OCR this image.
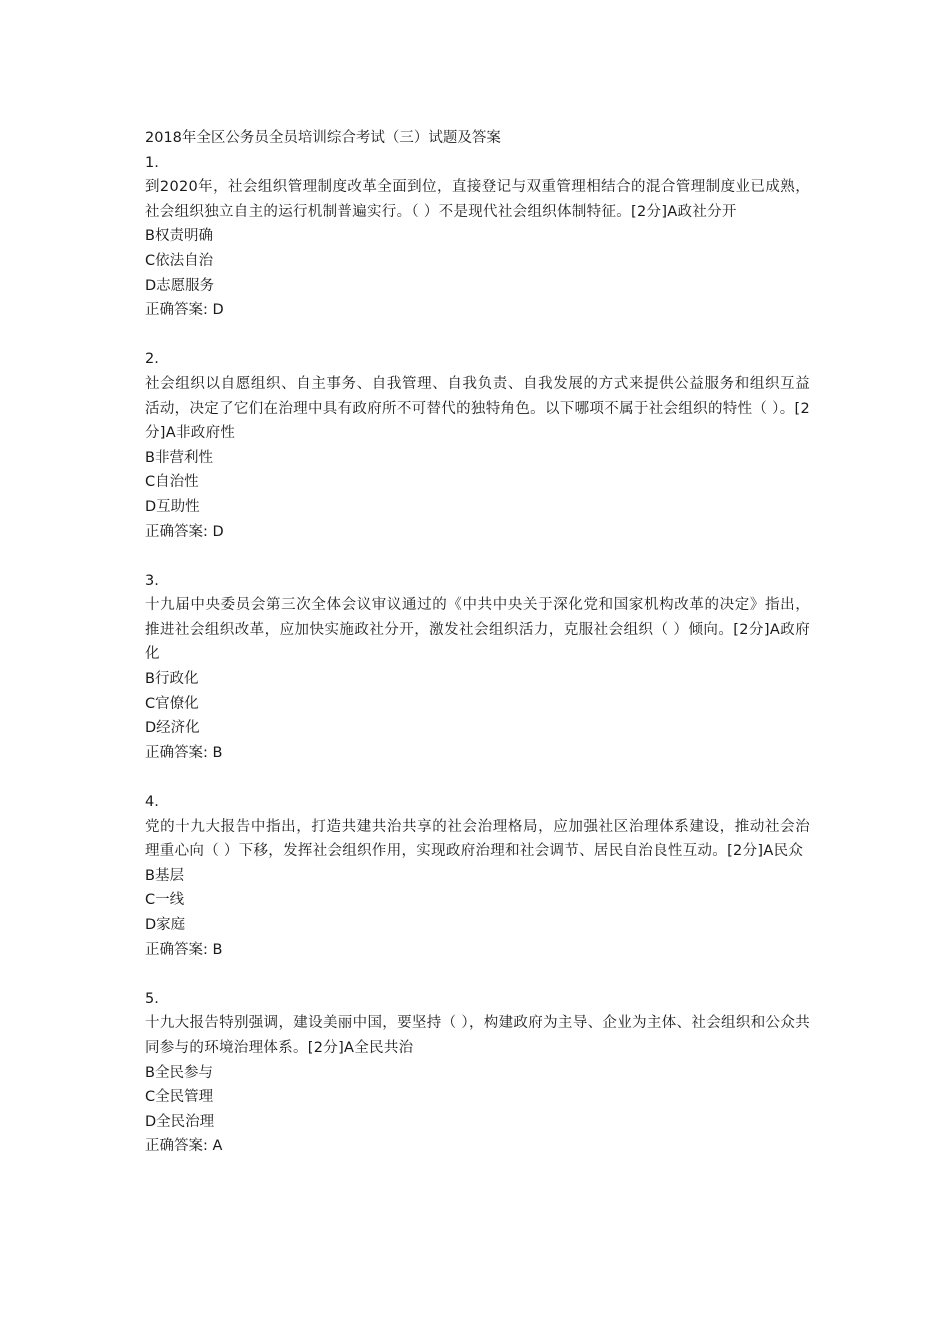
2018年全区公务员全员培训综合考试（三）试题及答案

1.

到2020年，社会组织管理制度改革全面到位，直接登记与双重管理相结合的混合管理制度业已成熟，社会组织独立自主的运行机制普遍实行。（ ）不是现代社会组织体制特征。[2分]A政社分开

B权责明确

C依法自治

D志愿服务

正确答案: D

2.

社会组织以自愿组织、自主事务、自我管理、自我负责、自我发展的方式来提供公益服务和组织互益活动，决定了它们在治理中具有政府所不可替代的独特角色。以下哪项不属于社会组织的特性（ ）。[2分]A非政府性

B非营利性

C自治性

D互助性

正确答案: D

3.

十九届中央委员会第三次全体会议审议通过的《中共中央关于深化党和国家机构改革的决定》指出，推进社会组织改革，应加快实施政社分开，激发社会组织活力，克服社会组织（ ）倾向。[2分]A政府化

B行政化

C官僚化

D经济化

正确答案: B

4.

党的十九大报告中指出，打造共建共治共享的社会治理格局，应加强社区治理体系建设，推动社会治理重心向（ ）下移，发挥社会组织作用，实现政府治理和社会调节、居民自治良性互动。[2分]A民众

B基层

C一线

D家庭

正确答案: B

5.

十九大报告特别强调，建设美丽中国，要坚持（ ），构建政府为主导、企业为主体、社会组织和公众共同参与的环境治理体系。[2分]A全民共治

B全民参与

C全民管理

D全民治理

正确答案: A
